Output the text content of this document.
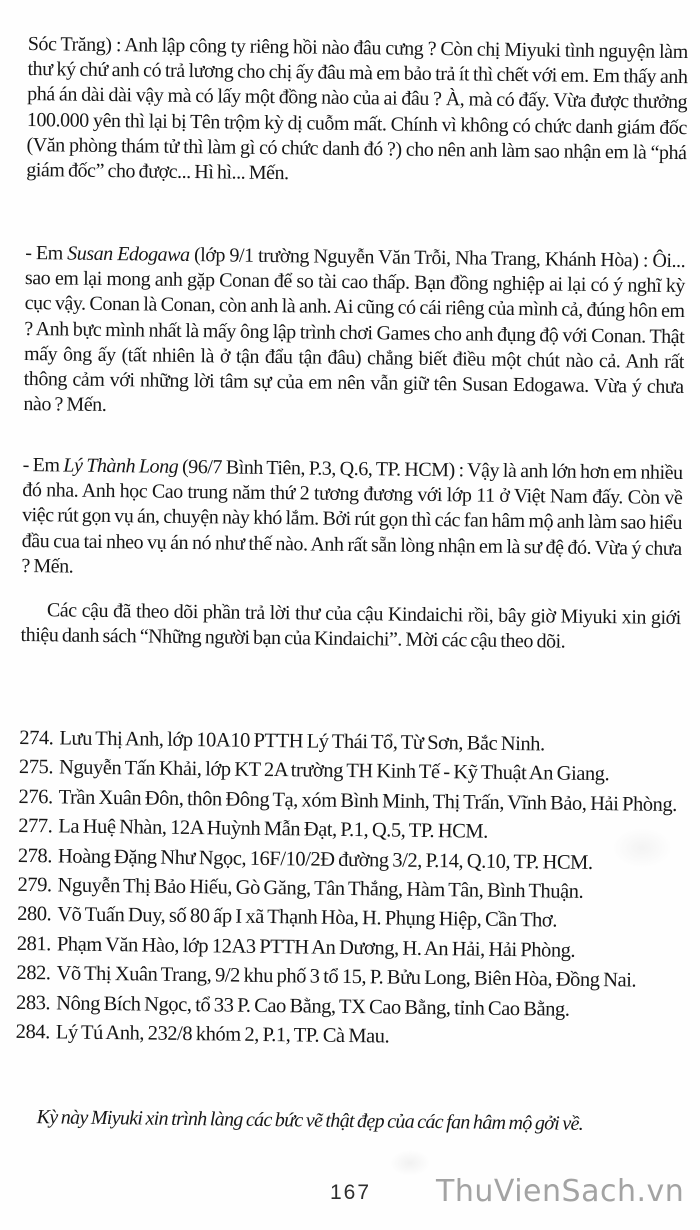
Sóc Trăng) : Anh lập công ty riêng hồi nào đâu cưng ? Còn chị Miyuki tình nguyện làm thư ký chứ anh có trả lương cho chị ấy đâu mà em bảo trả ít thì chết với em. Em thấy anh phá án dài dài vậy mà có lấy một đồng nào của ai đâu ? À, mà có đấy. Vừa được thưởng 100.000 yên thì lại bị Tên trộm kỳ dị cuỗm mất. Chính vì không có chức danh giám đốc (Văn phòng thám tử thì làm gì có chức danh đó ?) cho nên anh làm sao nhận em là “phá giám đốc” cho được... Hì hì... Mến.

- Em Susan Edogawa (lớp 9/1 trường Nguyễn Văn Trỗi, Nha Trang, Khánh Hòa) : Ôi... sao em lại mong anh gặp Conan để so tài cao thấp. Bạn đồng nghiệp ai lại có ý nghĩ kỳ cục vậy. Conan là Conan, còn anh là anh. Ai cũng có cái riêng của mình cả, đúng hôn em ? Anh bực mình nhất là mấy ông lập trình chơi Games cho anh đụng độ với Conan. Thật mấy ông ấy (tất nhiên là ở tận đẩu tận đâu) chẳng biết điều một chút nào cả. Anh rất thông cảm với những lời tâm sự của em nên vẫn giữ tên Susan Edogawa. Vừa ý chưa nào ? Mến.

- Em Lý Thành Long (96/7 Bình Tiên, P.3, Q.6, TP. HCM) : Vậy là anh lớn hơn em nhiều đó nha. Anh học Cao trung năm thứ 2 tương đương với lớp 11 ở Việt Nam đấy. Còn về việc rút gọn vụ án, chuyện này khó lắm. Bởi rút gọn thì các fan hâm mộ anh làm sao hiểu đầu cua tai nheo vụ án nó như thế nào. Anh rất sẵn lòng nhận em là sư đệ đó. Vừa ý chưa ? Mến.

Các cậu đã theo dõi phần trả lời thư của cậu Kindaichi rồi, bây giờ Miyuki xin giới thiệu danh sách “Những người bạn của Kindaichi”. Mời các cậu theo dõi.

274. Lưu Thị Anh, lớp 10A10 PTTH Lý Thái Tổ, Từ Sơn, Bắc Ninh.

275. Nguyễn Tấn Khải, lớp KT 2A trường TH Kinh Tế - Kỹ Thuật An Giang.

276. Trần Xuân Đôn, thôn Đông Tạ, xóm Bình Minh, Thị Trấn, Vĩnh Bảo, Hải Phòng.

277. La Huệ Nhàn, 12A Huỳnh Mẫn Đạt, P.1, Q.5, TP. HCM.

278. Hoàng Đặng Như Ngọc, 16F/10/2Đ đường 3/2, P.14, Q.10, TP. HCM.

279. Nguyễn Thị Bảo Hiếu, Gò Găng, Tân Thắng, Hàm Tân, Bình Thuận.

280. Võ Tuấn Duy, số 80 ấp I xã Thạnh Hòa, H. Phụng Hiệp, Cần Thơ.

281. Phạm Văn Hào, lớp 12A3 PTTH An Dương, H. An Hải, Hải Phòng.

282. Võ Thị Xuân Trang, 9/2 khu phố 3 tổ 15, P. Bửu Long, Biên Hòa, Đồng Nai.

283. Nông Bích Ngọc, tổ 33 P. Cao Bằng, TX Cao Bằng, tỉnh Cao Bằng.

284. Lý Tú Anh, 232/8 khóm 2, P.1, TP. Cà Mau.

Kỳ này Miyuki xin trình làng các bức vẽ thật đẹp của các fan hâm mộ gởi về.

167 ThuVienSach.vn
